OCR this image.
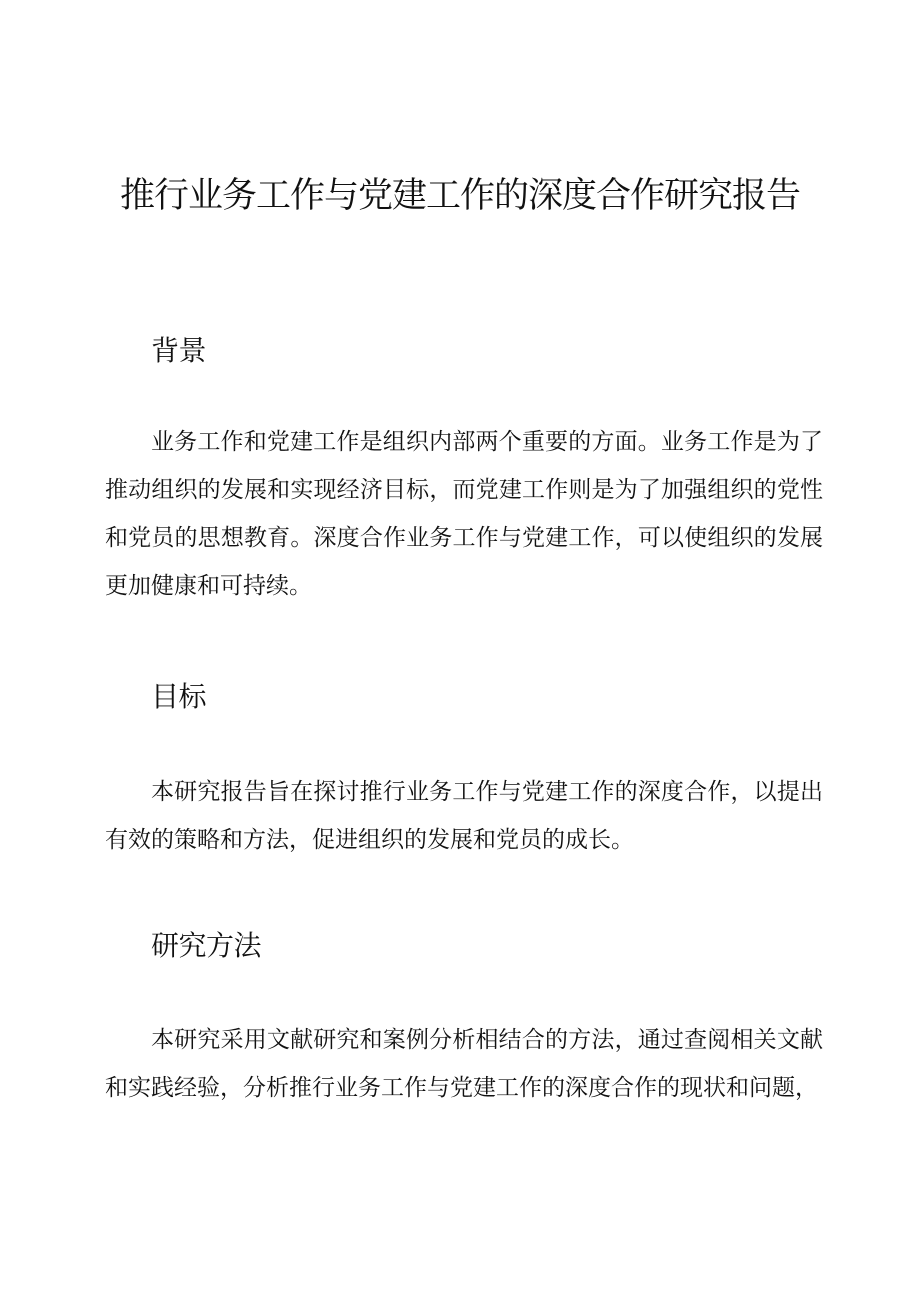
推行业务工作与党建工作的深度合作研究报告
背景

业务工作和党建工作是组织内部两个重要的方面。业务工作是为了推动组织的发展和实现经济目标，而党建工作则是为了加强组织的党性和党员的思想教育。深度合作业务工作与党建工作，可以使组织的发展更加健康和可持续。

目标

本研究报告旨在探讨推行业务工作与党建工作的深度合作，以提出有效的策略和方法，促进组织的发展和党员的成长。

研究方法

本研究采用文献研究和案例分析相结合的方法，通过查阅相关文献和实践经验，分析推行业务工作与党建工作的深度合作的现状和问题，
